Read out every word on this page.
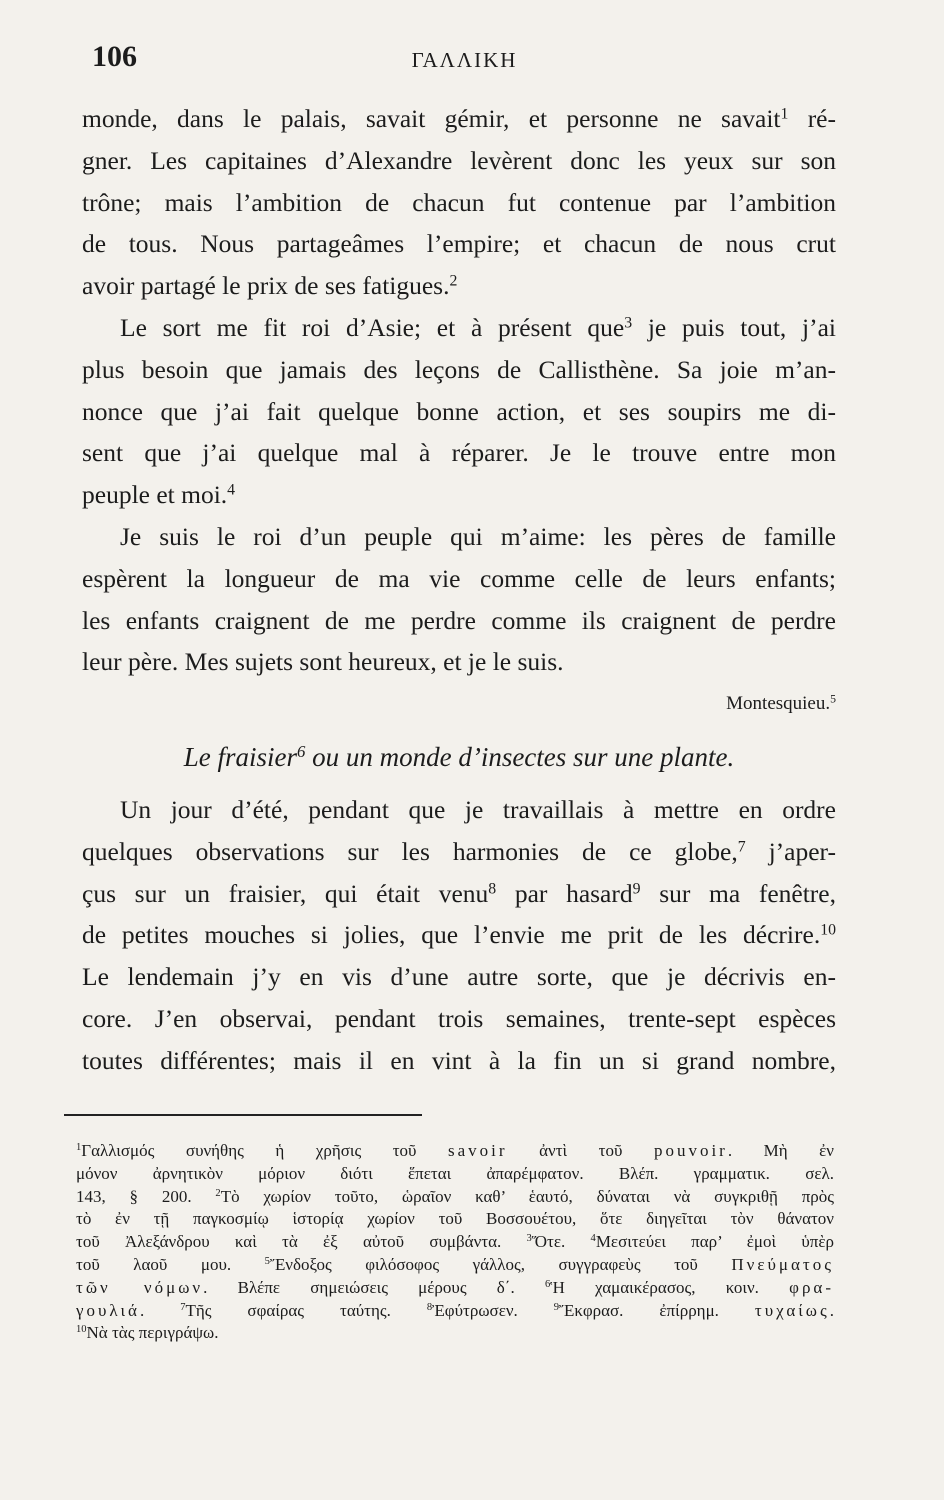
106	ΓΑΛΛΙΚΗ
monde, dans le palais, savait gémir, et personne ne savait$^1$ ré-
gner. Les capitaines d’Alexandre levèrent donc les yeux sur son
trône; mais l’ambition de chacun fut contenue par l’ambition
de tous. Nous partageâmes l’empire; et chacun de nous crut
avoir partagé le prix de ses fatigues.$^2$
Le sort me fit roi d’Asie; et à présent que$^3$ je puis tout, j’ai
plus besoin que jamais des leçons de Callisthène. Sa joie m’an-
nonce que j’ai fait quelque bonne action, et ses soupirs me di-
sent que j’ai quelque mal à réparer. Je le trouve entre mon
peuple et moi.$^4$
Je suis le roi d’un peuple qui m’aime: les pères de famille
espèrent la longueur de ma vie comme celle de leurs enfants;
les enfants craignent de me perdre comme ils craignent de perdre
leur père. Mes sujets sont heureux, et je le suis.
Montesquieu.$^5$
Le fraisier$^6$ ou un monde d’insectes sur une plante.
Un jour d’été, pendant que je travaillais à mettre en ordre
quelques observations sur les harmonies de ce globe,$^7$ j’aper-
çus sur un fraisier, qui était venu$^8$ par hasard$^9$ sur ma fenêtre,
de petites mouches si jolies, que l’envie me prit de les décrire.$^{10}$
Le lendemain j’y en vis d’une autre sorte, que je décrivis en-
core. J’en observai, pendant trois semaines, trente-sept espèces
toutes différentes; mais il en vint à la fin un si grand nombre,
$^1$Γαλλισμός συνήθης ἡ χρῆσις τοῦ savoir ἀντὶ τοῦ pouvoir. Μὴ ἐν
μόνον ἀρνητικὸν μόριον διότι ἕπεται ἀπαρέμφατον. Βλέπ. γραμματικ. σελ.
143, § 200. $^2$Τὸ χωρίον τοῦτο, ὡραῖον καθ’ ἑαυτό, δύναται νὰ συγκριθῇ πρὸς
τὸ ἐν τῇ παγκοσμίῳ ἱστορίᾳ χωρίον τοῦ Βοσσουέτου, ὅτε διηγεῖται τὸν θάνατον
τοῦ Ἀλεξάνδρου καὶ τὰ ἐξ αὐτοῦ συμβάντα. $^3$Ὅτε. $^4$Μεσιτεύει παρ’ ἐμοὶ ὑπὲρ
τοῦ λαοῦ μου. $^5$Ἔνδοξος φιλόσοφος γάλλος, συγγραφεὺς τοῦ Πνεύματος
τῶν νόμων. Βλέπε σημειώσεις μέρους δ΄. $^6$Ἡ χαμαικέρασος, κοιν. φρα-
γουλιά. $^7$Τῆς σφαίρας ταύτης. $^8$Ἐφύτρωσεν. $^9$Ἔκφρασ. ἐπίρρημ. τυχαίως.
$^{10}$Νὰ τὰς περιγράψω.
